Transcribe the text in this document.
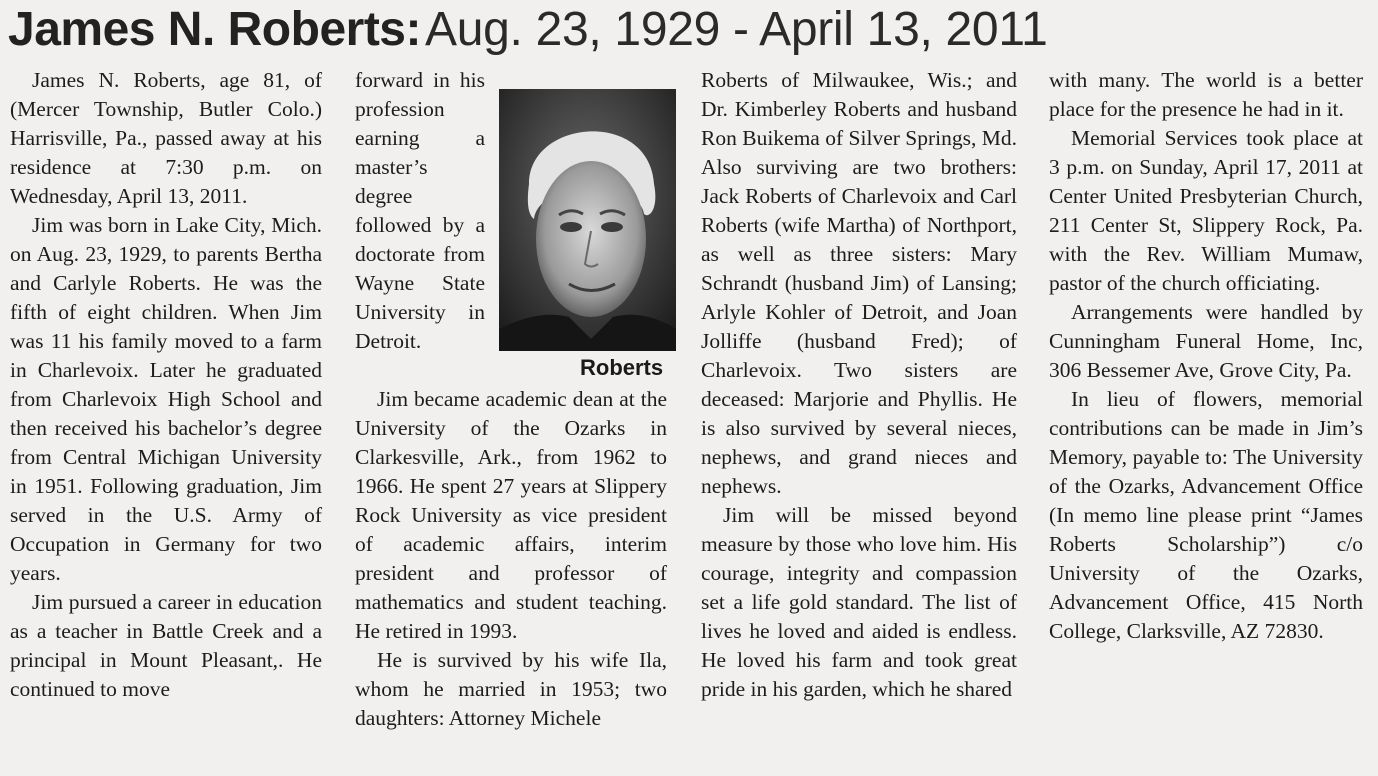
James N. Roberts: Aug. 23, 1929 - April 13, 2011

James N. Roberts, age 81, of (Mercer Township, Butler Colo.) Harrisville, Pa., passed away at his residence at 7:30 p.m. on Wednesday, April 13, 2011.

Jim was born in Lake City, Mich. on Aug. 23, 1929, to parents Bertha and Carlyle Roberts. He was the fifth of eight children. When Jim was 11 his family moved to a farm in Charlevoix. Later he graduated from Charlevoix High School and then received his bachelor’s degree from Central Michigan University in 1951. Following graduation, Jim served in the U.S. Army of Occupation in Germany for two years.

Jim pursued a career in education as a teacher in Battle Creek and a principal in Mount Pleasant,. He continued to move

forward in his profession earning a master’s degree followed by a doctorate from Wayne State University in Detroit.

Roberts

Jim became academic dean at the University of the Ozarks in Clarkesville, Ark., from 1962 to 1966. He spent 27 years at Slippery Rock University as vice president of academic affairs, interim president and professor of mathematics and student teaching. He retired in 1993.

He is survived by his wife Ila, whom he married in 1953; two daughters: Attorney Michele

Roberts of Milwaukee, Wis.; and Dr. Kimberley Roberts and husband Ron Buikema of Silver Springs, Md. Also surviving are two brothers: Jack Roberts of Charlevoix and Carl Roberts (wife Martha) of Northport, as well as three sisters: Mary Schrandt (husband Jim) of Lansing; Arlyle Kohler of Detroit, and Joan Jolliffe (husband Fred); of Charlevoix. Two sisters are deceased: Marjorie and Phyllis. He is also survived by several nieces, nephews, and grand nieces and nephews.

Jim will be missed beyond measure by those who love him. His courage, integrity and compassion set a life gold standard. The list of lives he loved and aided is endless. He loved his farm and took great pride in his garden, which he shared

with many. The world is a better place for the presence he had in it.

Memorial Services took place at 3 p.m. on Sunday, April 17, 2011 at Center United Presbyterian Church, 211 Center St, Slippery Rock, Pa. with the Rev. William Mumaw, pastor of the church officiating.

Arrangements were handled by Cunningham Funeral Home, Inc, 306 Bessemer Ave, Grove City, Pa.

In lieu of flowers, memorial contributions can be made in Jim’s Memory, payable to: The University of the Ozarks, Advancement Office (In memo line please print “James Roberts Scholarship”) c/o University of the Ozarks, Advancement Office, 415 North College, Clarksville, AZ 72830.
